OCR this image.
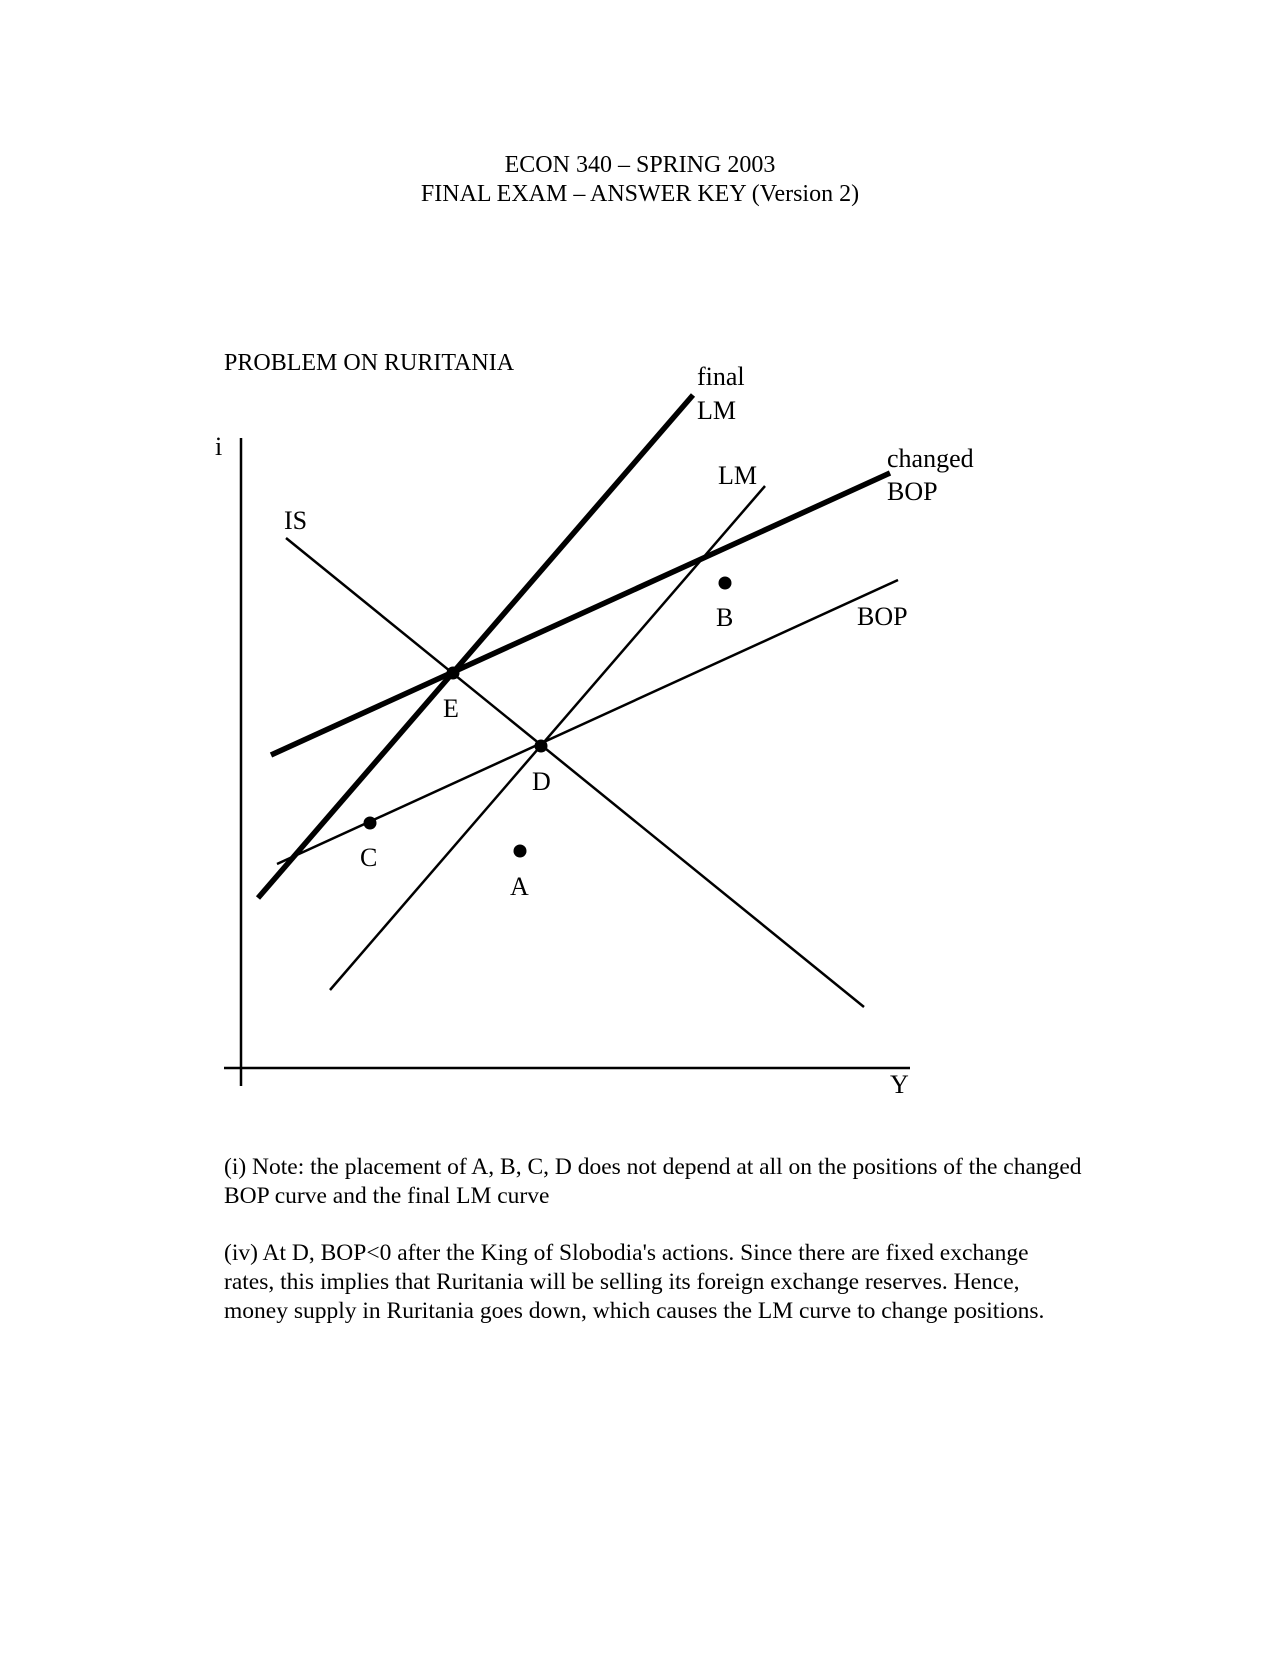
ECON 340 – SPRING 2003
FINAL EXAM – ANSWER KEY (Version 2)
PROBLEM ON RURITANIA
i
Y
IS
LM
final
LM
BOP
changed
BOP
E
D
C
A
B
(i) Note: the placement of A, B, C, D does not depend at all on the positions of the changed BOP curve and the final LM curve
(iv) At D, BOP<0 after the King of Slobodia's actions. Since there are fixed exchange rates, this implies that Ruritania will be selling its foreign exchange reserves. Hence, money supply in Ruritania goes down, which causes the LM curve to change positions.
